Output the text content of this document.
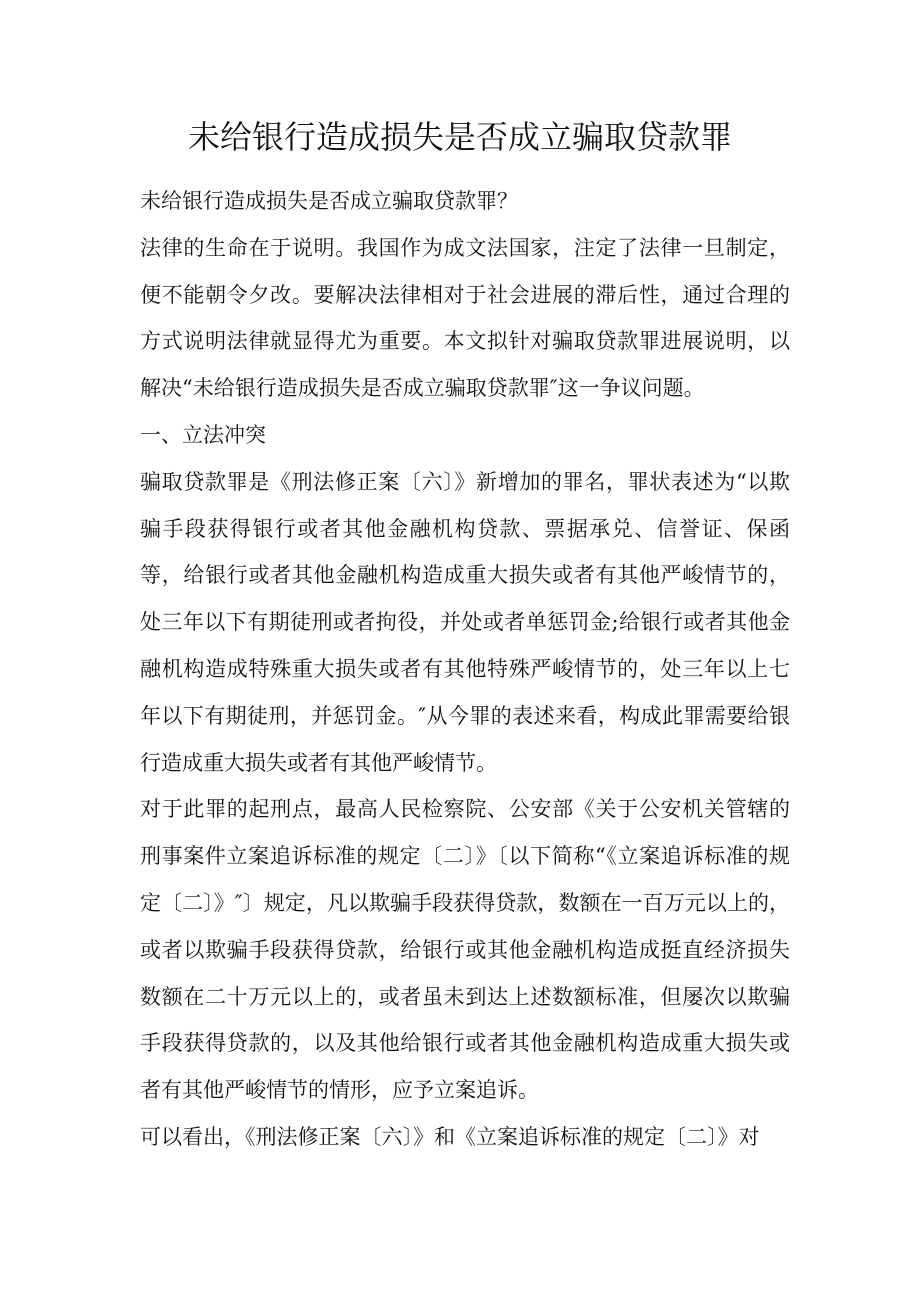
未给银行造成损失是否成立骗取贷款罪

未给银行造成损失是否成立骗取贷款罪？

法律的生命在于说明。我国作为成文法国家，注定了法律一旦制定，便不能朝令夕改。要解决法律相对于社会进展的滞后性，通过合理的方式说明法律就显得尤为重要。本文拟针对骗取贷款罪进展说明，以解决“未给银行造成损失是否成立骗取贷款罪″这一争议问题。

一、立法冲突

骗取贷款罪是《刑法修正案〔六〕》新增加的罪名，罪状表述为“以欺骗手段获得银行或者其他金融机构贷款、票据承兑、信誉证、保函等，给银行或者其他金融机构造成重大损失或者有其他严峻情节的，处三年以下有期徒刑或者拘役，并处或者单惩罚金;给银行或者其他金融机构造成特殊重大损失或者有其他特殊严峻情节的，处三年以上七年以下有期徒刑，并惩罚金。″从今罪的表述来看，构成此罪需要给银行造成重大损失或者有其他严峻情节。

对于此罪的起刑点，最高人民检察院、公安部《关于公安机关管辖的刑事案件立案追诉标准的规定〔二〕》〔以下简称“《立案追诉标准的规定〔二〕》″〕规定，凡以欺骗手段获得贷款，数额在一百万元以上的，或者以欺骗手段获得贷款，给银行或其他金融机构造成挺直经济损失数额在二十万元以上的，或者虽未到达上述数额标准，但屡次以欺骗手段获得贷款的，以及其他给银行或者其他金融机构造成重大损失或者有其他严峻情节的情形，应予立案追诉。

可以看出，《刑法修正案〔六〕》和《立案追诉标准的规定〔二〕》对
